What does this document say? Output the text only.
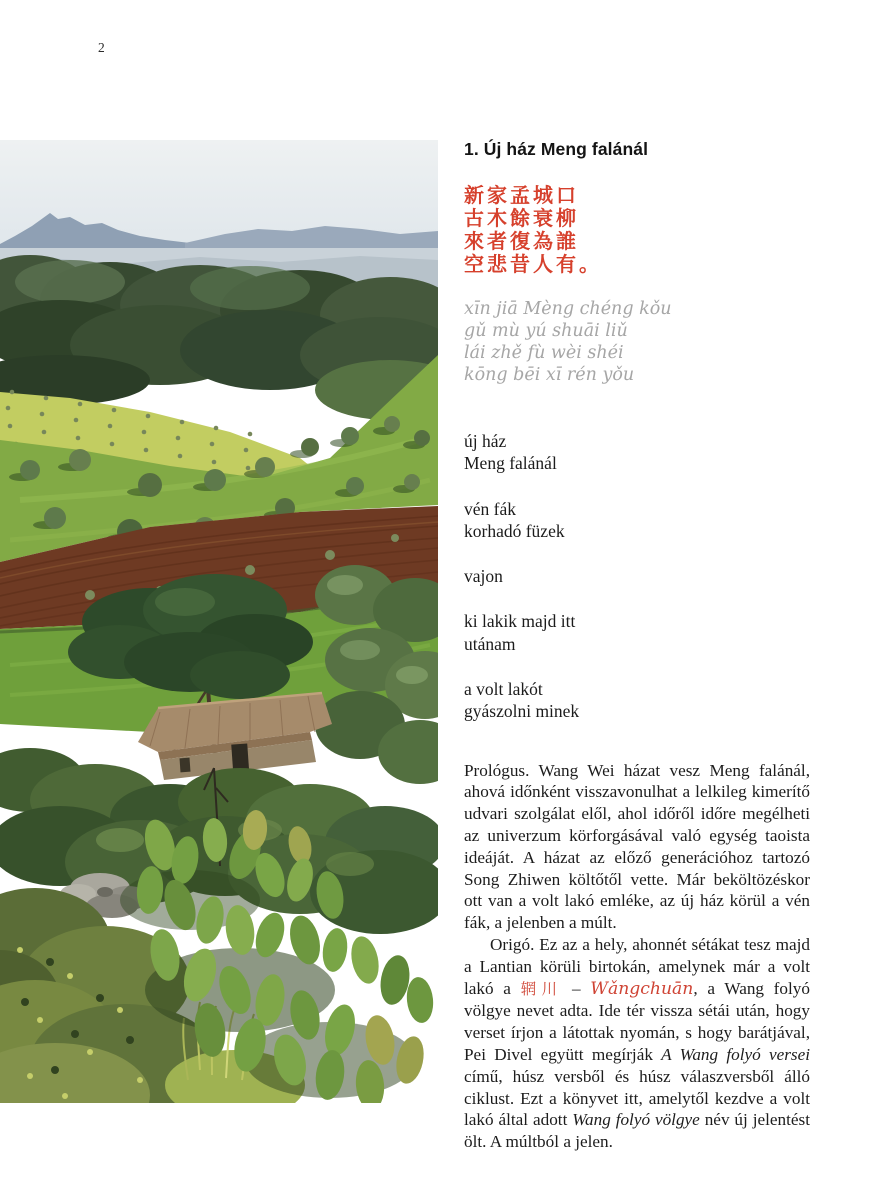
2
1. Új ház Meng falánál
新家孟城口
古木餘衰柳
來者復為誰
空悲昔人有。
xīn jiā Mèng chéng kǒu
gǔ mù yú shuāi liǔ
lái zhě fù wèi shéi
kōng bēi xī rén yǒu
új ház
Meng falánál
vén fák
korhadó füzek
vajon
ki lakik majd itt
utánam
a volt lakót
gyászolni minek

Prológus. Wang Wei házat vesz Meng falánál, ahová időnként visszavonulhat a lelkileg kimerítő udvari szolgálat elől, ahol időről időre megélheti az univerzum körforgásával való egység taoista ideáját. A házat az előző generációhoz tartozó Song Zhiwen költőtől vette. Már beköltözéskor ott van a volt lakó emléke, az új ház körül a vén fák, a jelenben a múlt.

Origó. Ez az a hely, ahonnét sétákat tesz majd a Lantian körüli birtokán, amelynek már a volt lakó a 辋川 – Wǎngchuān, a Wang folyó völgye nevet adta. Ide tér vissza sétái után, hogy verset írjon a látottak nyomán, s hogy barátjával, Pei Divel együtt megírják A Wang folyó versei című, húsz versből és húsz válaszversből álló ciklust. Ezt a könyvet itt, amelytől kezdve a volt lakó által adott Wang folyó völgye név új jelentést ölt. A múltból a jelen.
